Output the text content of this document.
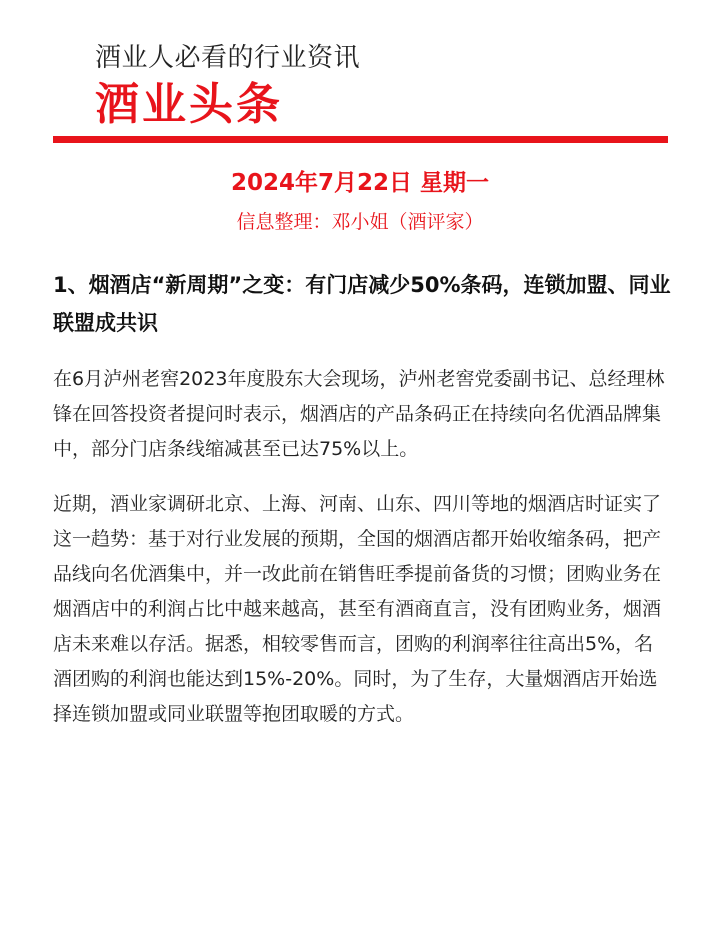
酒业人必看的行业资讯
酒业头条
2024年7月22日 星期一
信息整理：邓小姐（酒评家）
1、烟酒店“新周期”之变：有门店减少50%条码，连锁加盟、同业联盟成共识

在6月泸州老窖2023年度股东大会现场，泸州老窖党委副书记、总经理林锋在回答投资者提问时表示，烟酒店的产品条码正在持续向名优酒品牌集中，部分门店条线缩减甚至已达75%以上。

近期，酒业家调研北京、上海、河南、山东、四川等地的烟酒店时证实了这一趋势：基于对行业发展的预期，全国的烟酒店都开始收缩条码，把产品线向名优酒集中，并一改此前在销售旺季提前备货的习惯；团购业务在烟酒店中的利润占比中越来越高，甚至有酒商直言，没有团购业务，烟酒店未来难以存活。据悉，相较零售而言，团购的利润率往往高出5%，名酒团购的利润也能达到15%-20%。同时，为了生存，大量烟酒店开始选择连锁加盟或同业联盟等抱团取暖的方式。
